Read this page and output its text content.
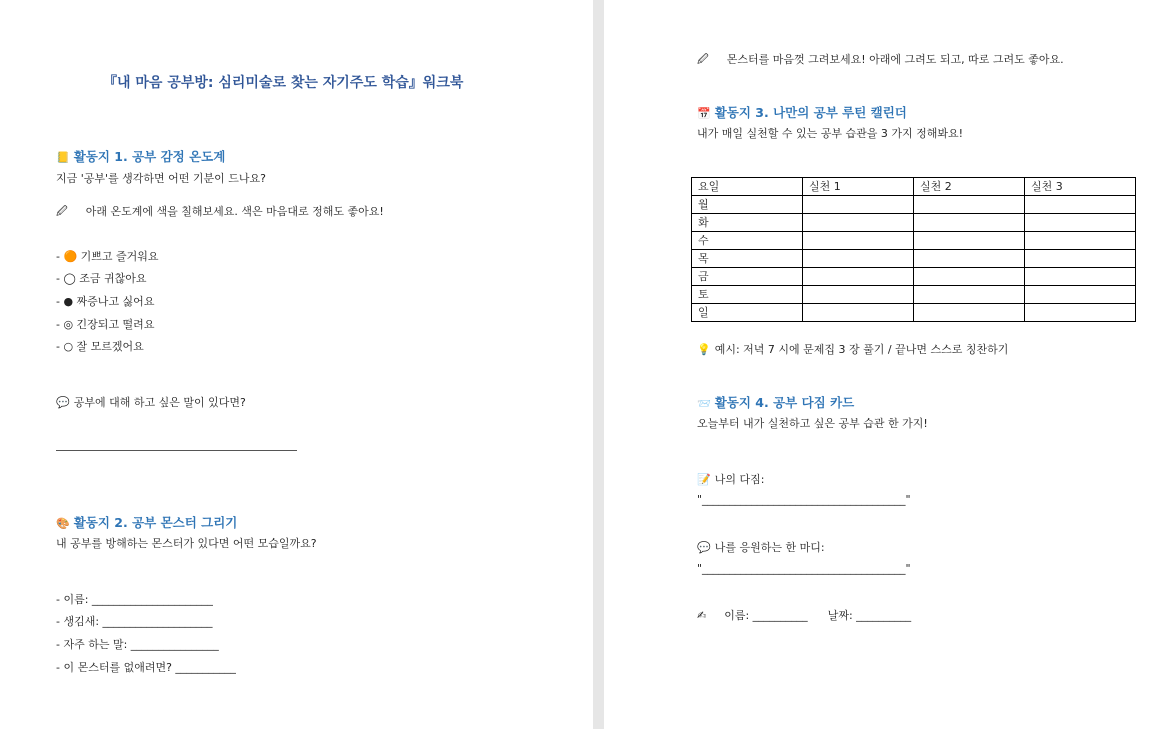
『내 마음 공부방: 심리미술로 찾는 자기주도 학습』워크북
📒 활동지 1. 공부 감정 온도계
지금 '공부'를 생각하면 어떤 기분이 드나요?
🖉 아래 온도계에 색을 칠해보세요. 색은 마음대로 정해도 좋아요!
- 🟠 기쁘고 즐거워요
- ◯ 조금 귀찮아요
- ● 짜증나고 싫어요
- ◎ 긴장되고 떨려요
- ○ 잘 모르겠어요
💬 공부에 대해 하고 싶은 말이 있다면?
🎨 활동지 2. 공부 몬스터 그리기
내 공부를 방해하는 몬스터가 있다면 어떤 모습일까요?
- 이름: ______________________
- 생김새: ____________________
- 자주 하는 말: ________________
- 이 몬스터를 없애려면? ___________
🖉 몬스터를 마음껏 그려보세요! 아래에 그려도 되고, 따로 그려도 좋아요.
📅 활동지 3. 나만의 공부 루틴 캘린더
내가 매일 실천할 수 있는 공부 습관을 3 가지 정해봐요!
요일	실천 1	실천 2	실천 3
월			
화			
수			
목			
금			
토			
일			
💡 예시: 저녁 7 시에 문제집 3 장 풀기 / 끝나면 스스로 칭찬하기
📨 활동지 4. 공부 다짐 카드
오늘부터 내가 실천하고 싶은 공부 습관 한 가지!
📝 나의 다짐:
"_____________________________________"
💬 나를 응원하는 한 마디:
"_____________________________________"
✍ 이름: __________ 날짜: __________
